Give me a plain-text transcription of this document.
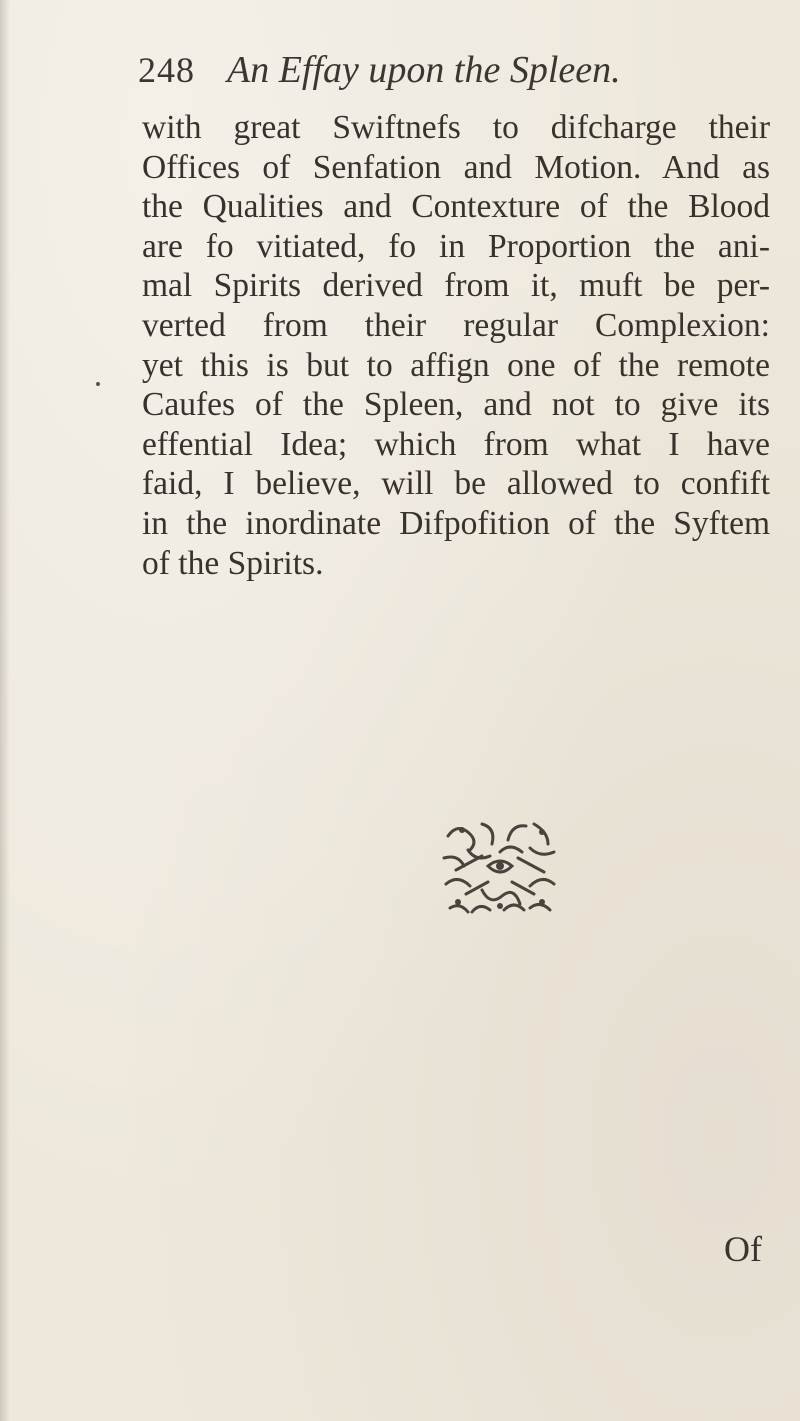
248 An Effay upon the Spleen.
with great Swiftnefs to difcharge their
Offices of Senfation and Motion. And as
the Qualities and Contexture of the Blood
are fo vitiated, fo in Proportion the ani-
mal Spirits derived from it, muft be per-
verted from their regular Complexion:
yet this is but to affign one of the remote
Caufes of the Spleen, and not to give its
effential Idea; which from what I have
faid, I believe, will be allowed to confift
in the inordinate Difpofition of the Syftem
of the Spirits.
Of
